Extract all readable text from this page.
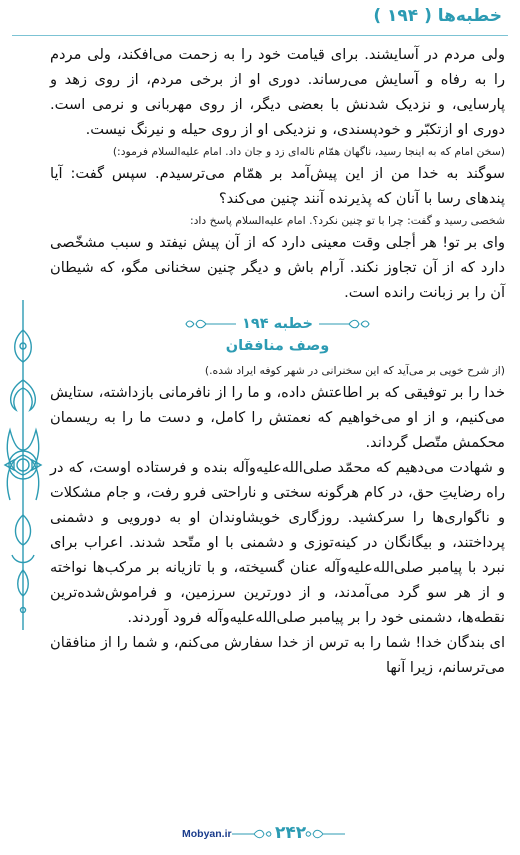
خطبه‌ها ( ۱۹۴ )

ولی مردم در آسایشند. برای قیامت خود را به زحمت می‌افکند، ولی مردم را به رفاه و آسایش می‌رساند. دوری او از برخی مردم، از روی زهد و پارسایی، و نزدیک شدنش با بعضی دیگر، از روی مهربانی و نرمی است. دوری او ازتکبّر و خودپسندی، و نزدیکی او از روی حیله و نیرنگ نیست.

(سخن امام که به اینجا رسید، ناگهان همّام ناله‌ای زد و جان داد. امام علیه‌السلام فرمود:)

سوگند به خدا من از این پیش‌آمد بر همّام می‌ترسیدم. سپس گفت: آیا پندهای رسا با آنان که پذیرنده آنند چنین می‌کند؟

شخصی رسید و گفت: چرا با تو چنین نکرد؟. امام علیه‌السلام پاسخ داد:

وای بر تو! هر أجلی وقت معینی دارد که از آن پیش نیفتد و سبب مشخّصی دارد که از آن تجاوز نکند. آرام باش و دیگر چنین سخنانی مگو، که شیطان آن را بر زبانت رانده است.

خطبه ۱۹۴
وصف منافقان

(از شرح خویی بر می‌آید که این سخنرانی در شهر کوفه ایراد شده.)

خدا را بر توفیقی که بر اطاعتش داده، و ما را از نافرمانی بازداشته، ستایش می‌کنیم، و از او می‌خواهیم که نعمتش را کامل، و دست ما را به ریسمان محکمش متّصل گرداند.

و شهادت می‌دهیم که محمّد صلی‌الله‌علیه‌وآله بنده و فرستاده اوست، که در راه رضایتِ حق، در کام هرگونه سختی و ناراحتی فرو رفت، و جام مشکلات و ناگواری‌ها را سرکشید. روزگاری خویشاوندان او به دورویی و دشمنی پرداختند، و بیگانگان در کینه‌توزی و دشمنی با او متّحد شدند. اعراب برای نبرد با پیامبر صلی‌الله‌علیه‌وآله عنان گسیخته، و با تازیانه بر مرکب‌ها نواخته و از هر سو گرد می‌آمدند، و از دورترین سرزمین، و فراموش‌شده‌ترین نقطه‌ها، دشمنی خود را بر پیامبر صلی‌الله‌علیه‌وآله فرود آوردند.

ای بندگان خدا! شما را به ترس از خدا سفارش می‌کنم، و شما را از منافقان می‌ترسانم، زیرا آنها

Mobyan.ir	۲۴۲
